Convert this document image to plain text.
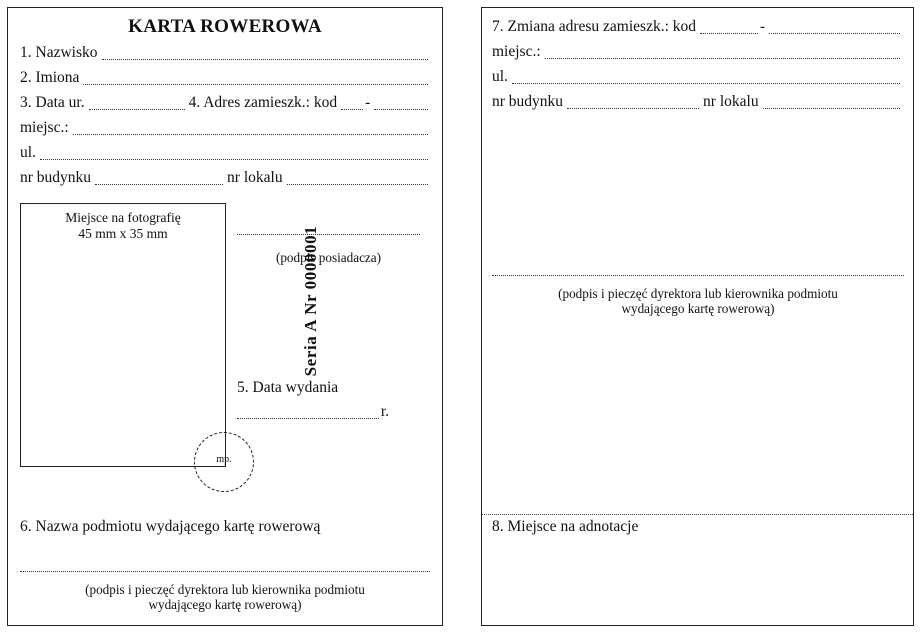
KARTA ROWEROWA
1. Nazwisko
2. Imiona
3. Data ur.	4. Adres zamieszk.: kod -
miejsc.:
ul.
nr budynku	nr lokalu
Miejsce na fotografię
45 mm x 35 mm
mp.
(podpis posiadacza)
5. Data wydania
r.
Seria A Nr 0000001
6. Nazwa podmiotu wydającego kartę rowerową
(podpis i pieczęć dyrektora lub kierownika podmiotu
wydającego kartę rowerową)
7. Zmiana adresu zamieszk.: kod	-
miejsc.:
ul.
nr budynku	nr lokalu
(podpis i pieczęć dyrektora lub kierownika podmiotu
wydającego kartę rowerową)
8. Miejsce na adnotacje
